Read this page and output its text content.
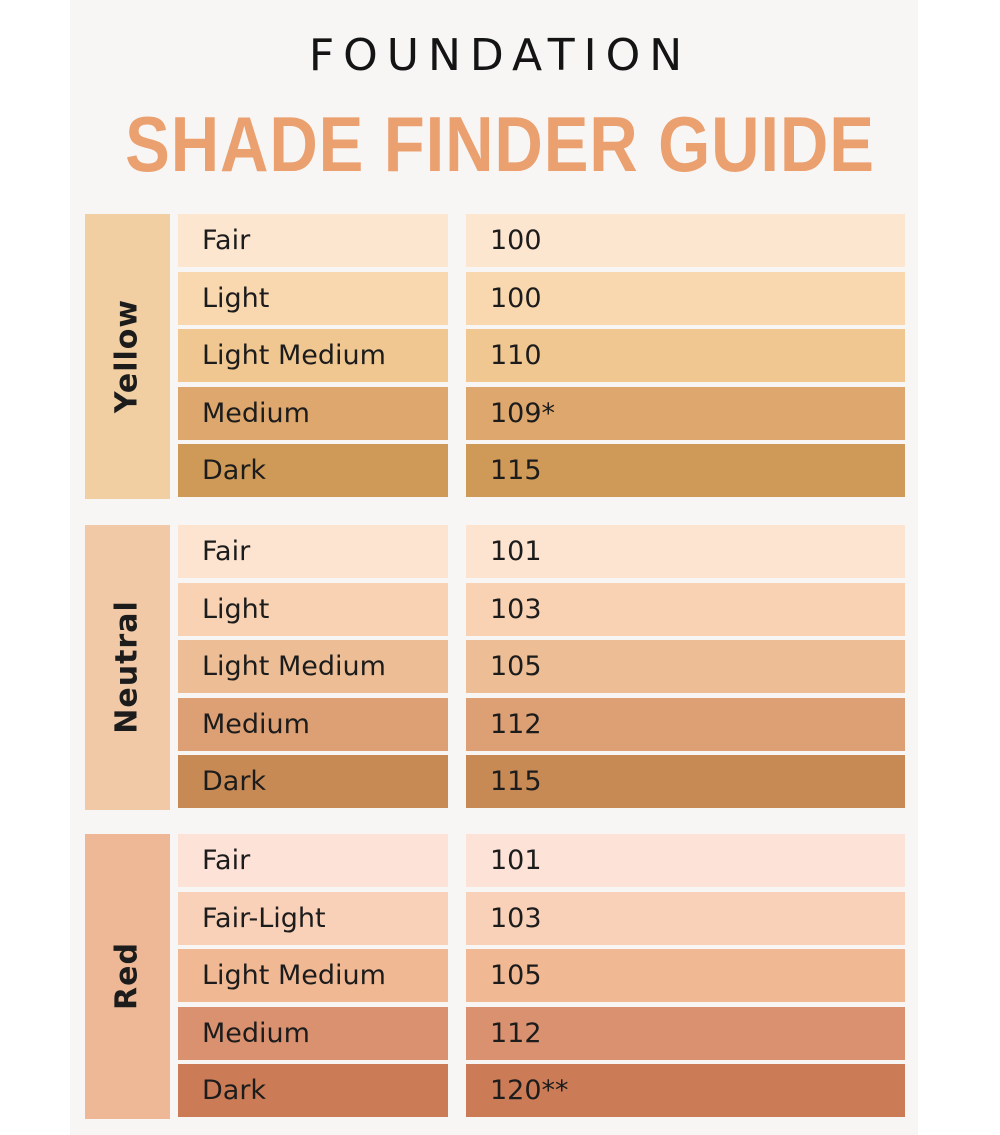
FOUNDATION
SHADE FINDER GUIDE
Yellow
Fair	100
Light	100
Light Medium	110
Medium	109*
Dark	115
Neutral
Fair	101
Light	103
Light Medium	105
Medium	112
Dark	115
Red
Fair	101
Fair-Light	103
Light Medium	105
Medium	112
Dark	120**
